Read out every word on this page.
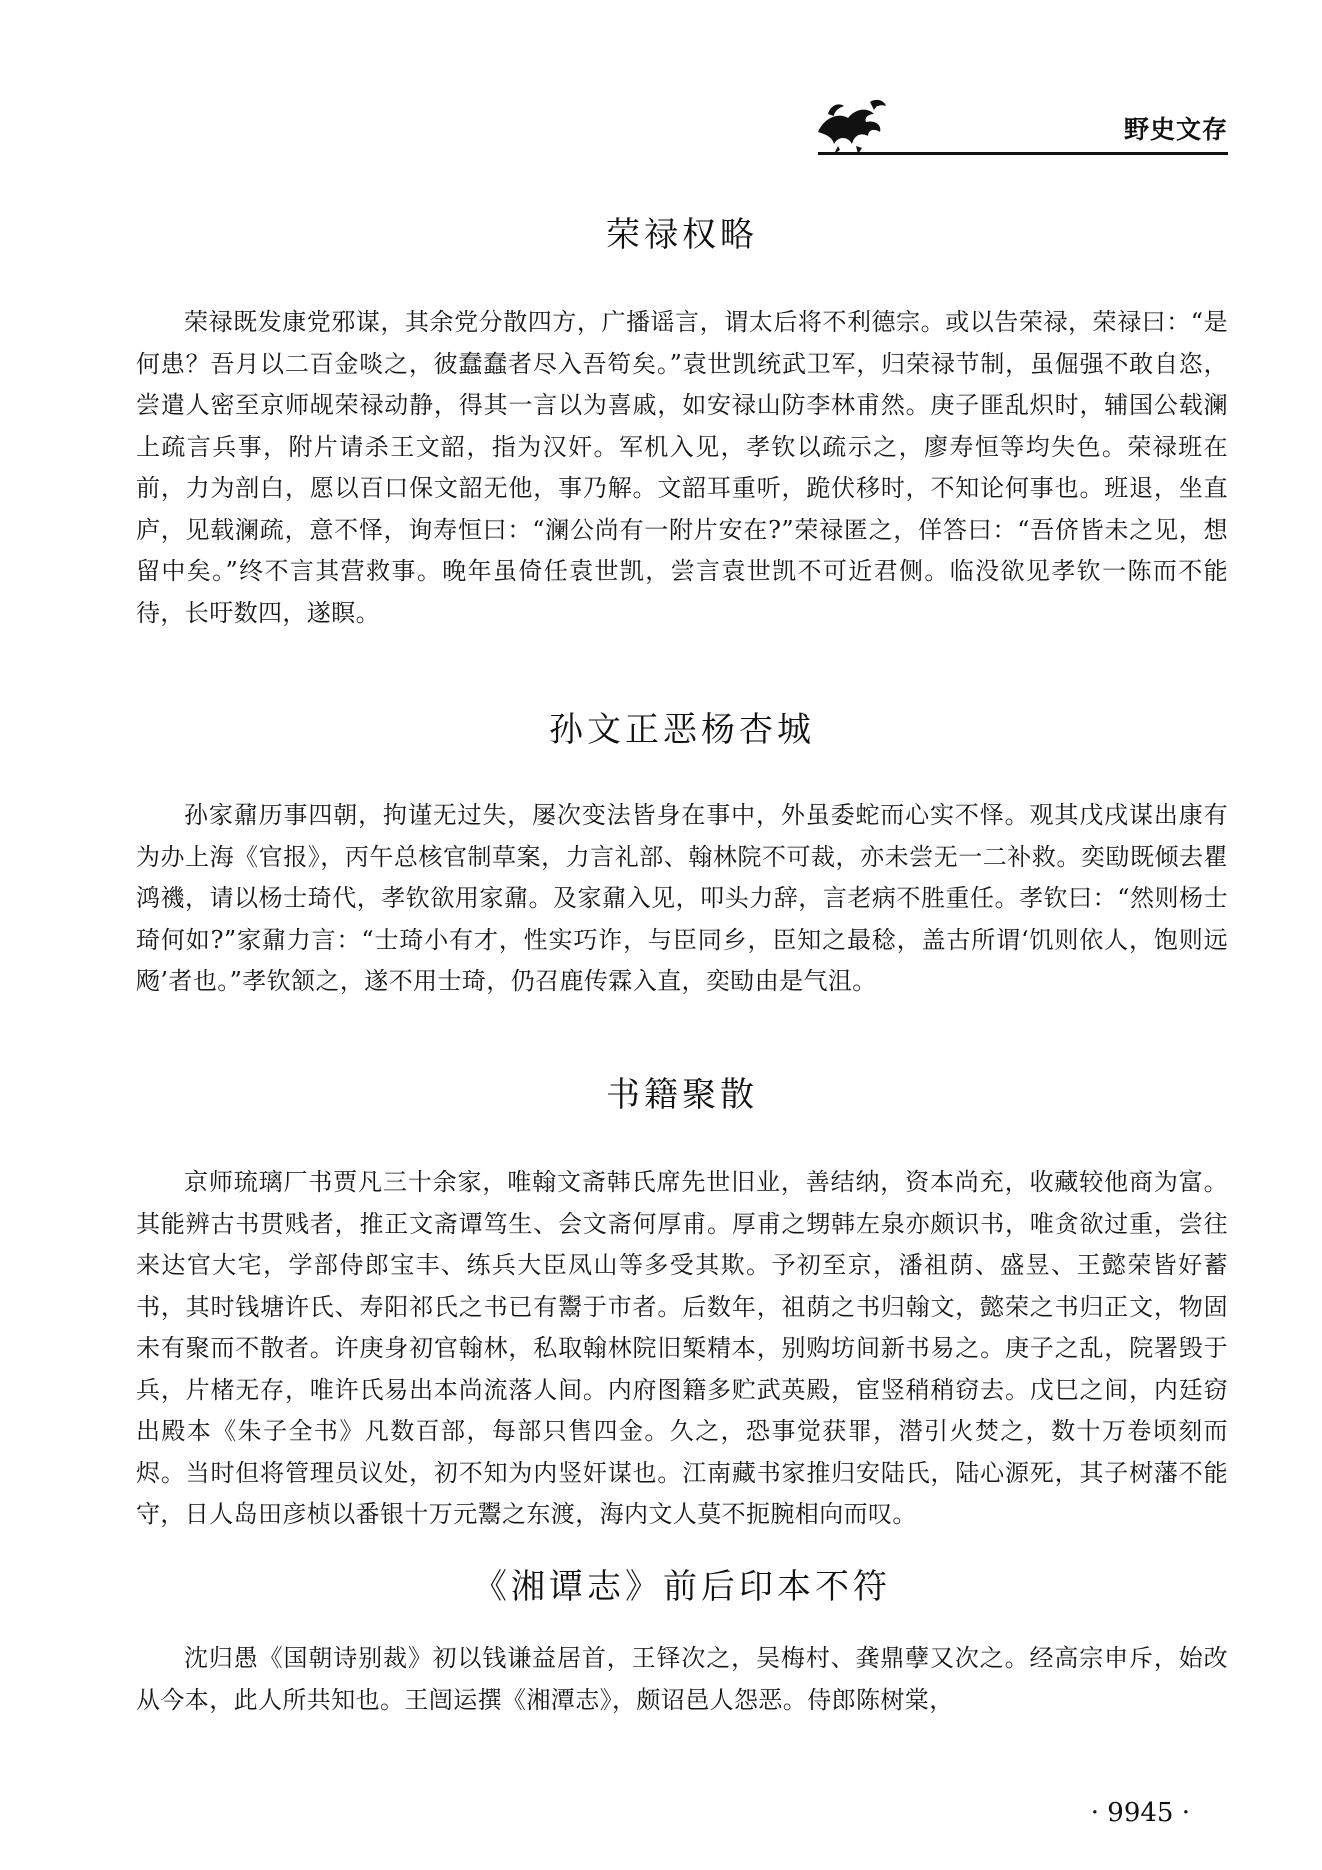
野史文存
荣禄权略

荣禄既发康党邪谋，其余党分散四方，广播谣言，谓太后将不利德宗。或以告荣禄，荣禄曰：“是何患？吾月以二百金啖之，彼蠢蠢者尽入吾笱矣。”袁世凯统武卫军，归荣禄节制，虽倔强不敢自恣，尝遣人密至京师觇荣禄动静，得其一言以为喜戚，如安禄山防李林甫然。庚子匪乱炽时，辅国公载澜上疏言兵事，附片请杀王文韶，指为汉奸。军机入见，孝钦以疏示之，廖寿恒等均失色。荣禄班在前，力为剖白，愿以百口保文韶无他，事乃解。文韶耳重听，跪伏移时，不知论何事也。班退，坐直庐，见载澜疏，意不怿，询寿恒曰：“澜公尚有一附片安在?”荣禄匿之，佯答曰：“吾侪皆未之见，想留中矣。”终不言其营救事。晚年虽倚任袁世凯，尝言袁世凯不可近君侧。临没欲见孝钦一陈而不能待，长吁数四，遂瞑。

孙文正恶杨杏城

孙家鼐历事四朝，拘谨无过失，屡次变法皆身在事中，外虽委蛇而心实不怿。观其戊戌谋出康有为办上海《官报》，丙午总核官制草案，力言礼部、翰林院不可裁，亦未尝无一二补救。奕劻既倾去瞿鸿禨，请以杨士琦代，孝钦欲用家鼐。及家鼐入见，叩头力辞，言老病不胜重任。孝钦曰：“然则杨士琦何如?”家鼐力言：“士琦小有才，性实巧诈，与臣同乡，臣知之最稔，盖古所谓‘饥则依人，饱则远飏’者也。”孝钦颔之，遂不用士琦，仍召鹿传霖入直，奕劻由是气沮。

书籍聚散

京师琉璃厂书贾凡三十余家，唯翰文斋韩氏席先世旧业，善结纳，资本尚充，收藏较他商为富。其能辨古书贯贱者，推正文斋谭笃生、会文斋何厚甫。厚甫之甥韩左泉亦颇识书，唯贪欲过重，尝往来达官大宅，学部侍郎宝丰、练兵大臣凤山等多受其欺。予初至京，潘祖荫、盛昱、王懿荣皆好蓄书，其时钱塘许氏、寿阳祁氏之书已有鬻于市者。后数年，祖荫之书归翰文，懿荣之书归正文，物固未有聚而不散者。许庚身初官翰林，私取翰林院旧椠精本，别购坊间新书易之。庚子之乱，院署毁于兵，片楮无存，唯许氏易出本尚流落人间。内府图籍多贮武英殿，宦竖稍稍窃去。戊巳之间，内廷窃出殿本《朱子全书》凡数百部，每部只售四金。久之，恐事觉获罪，潜引火焚之，数十万卷顷刻而烬。当时但将管理员议处，初不知为内竖奸谋也。江南藏书家推归安陆氏，陆心源死，其子树藩不能守，日人岛田彦桢以番银十万元鬻之东渡，海内文人莫不扼腕相向而叹。

《湘谭志》前后印本不符

沈归愚《国朝诗别裁》初以钱谦益居首，王铎次之，吴梅村、龚鼎孽又次之。经高宗申斥，始改从今本，此人所共知也。王闿运撰《湘潭志》，颇诏邑人怨恶。侍郎陈树棠，

· 9945 ·
